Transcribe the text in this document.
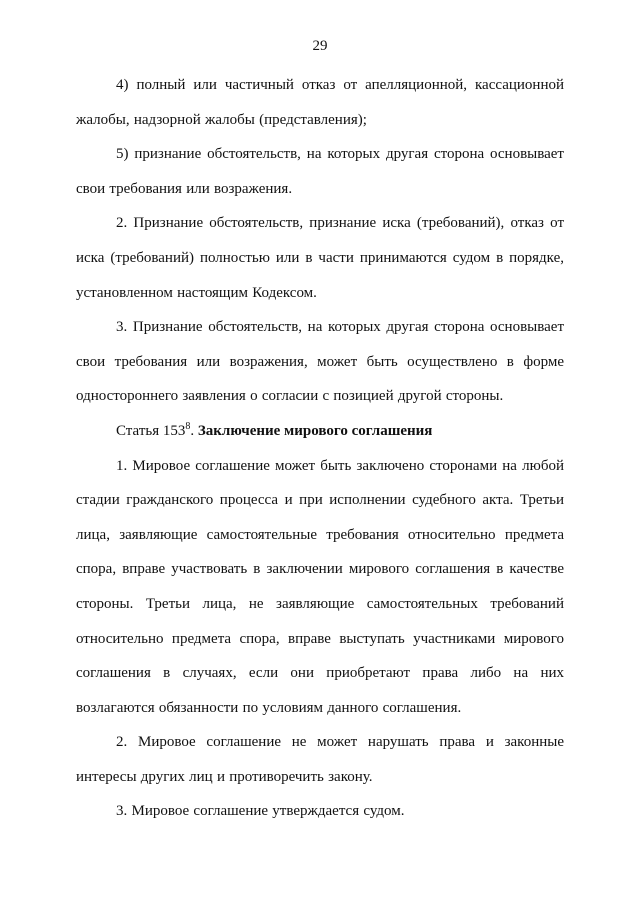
29

4) полный или частичный отказ от апелляционной, кассационной жалобы, надзорной жалобы (представления);

5) признание обстоятельств, на которых другая сторона основывает свои требования или возражения.

2. Признание обстоятельств, признание иска (требований), отказ от иска (требований) полностью или в части принимаются судом в порядке, установленном настоящим Кодексом.

3. Признание обстоятельств, на которых другая сторона основывает свои требования или возражения, может быть осуществлено в форме одностороннего заявления о согласии с позицией другой стороны.

Статья $153^8$. Заключение мирового соглашения

1. Мировое соглашение может быть заключено сторонами на любой стадии гражданского процесса и при исполнении судебного акта. Третьи лица, заявляющие самостоятельные требования относительно предмета спора, вправе участвовать в заключении мирового соглашения в качестве стороны. Третьи лица, не заявляющие самостоятельных требований относительно предмета спора, вправе выступать участниками мирового соглашения в случаях, если они приобретают права либо на них возлагаются обязанности по условиям данного соглашения.

2. Мировое соглашение не может нарушать права и законные интересы других лиц и противоречить закону.

3. Мировое соглашение утверждается судом.
